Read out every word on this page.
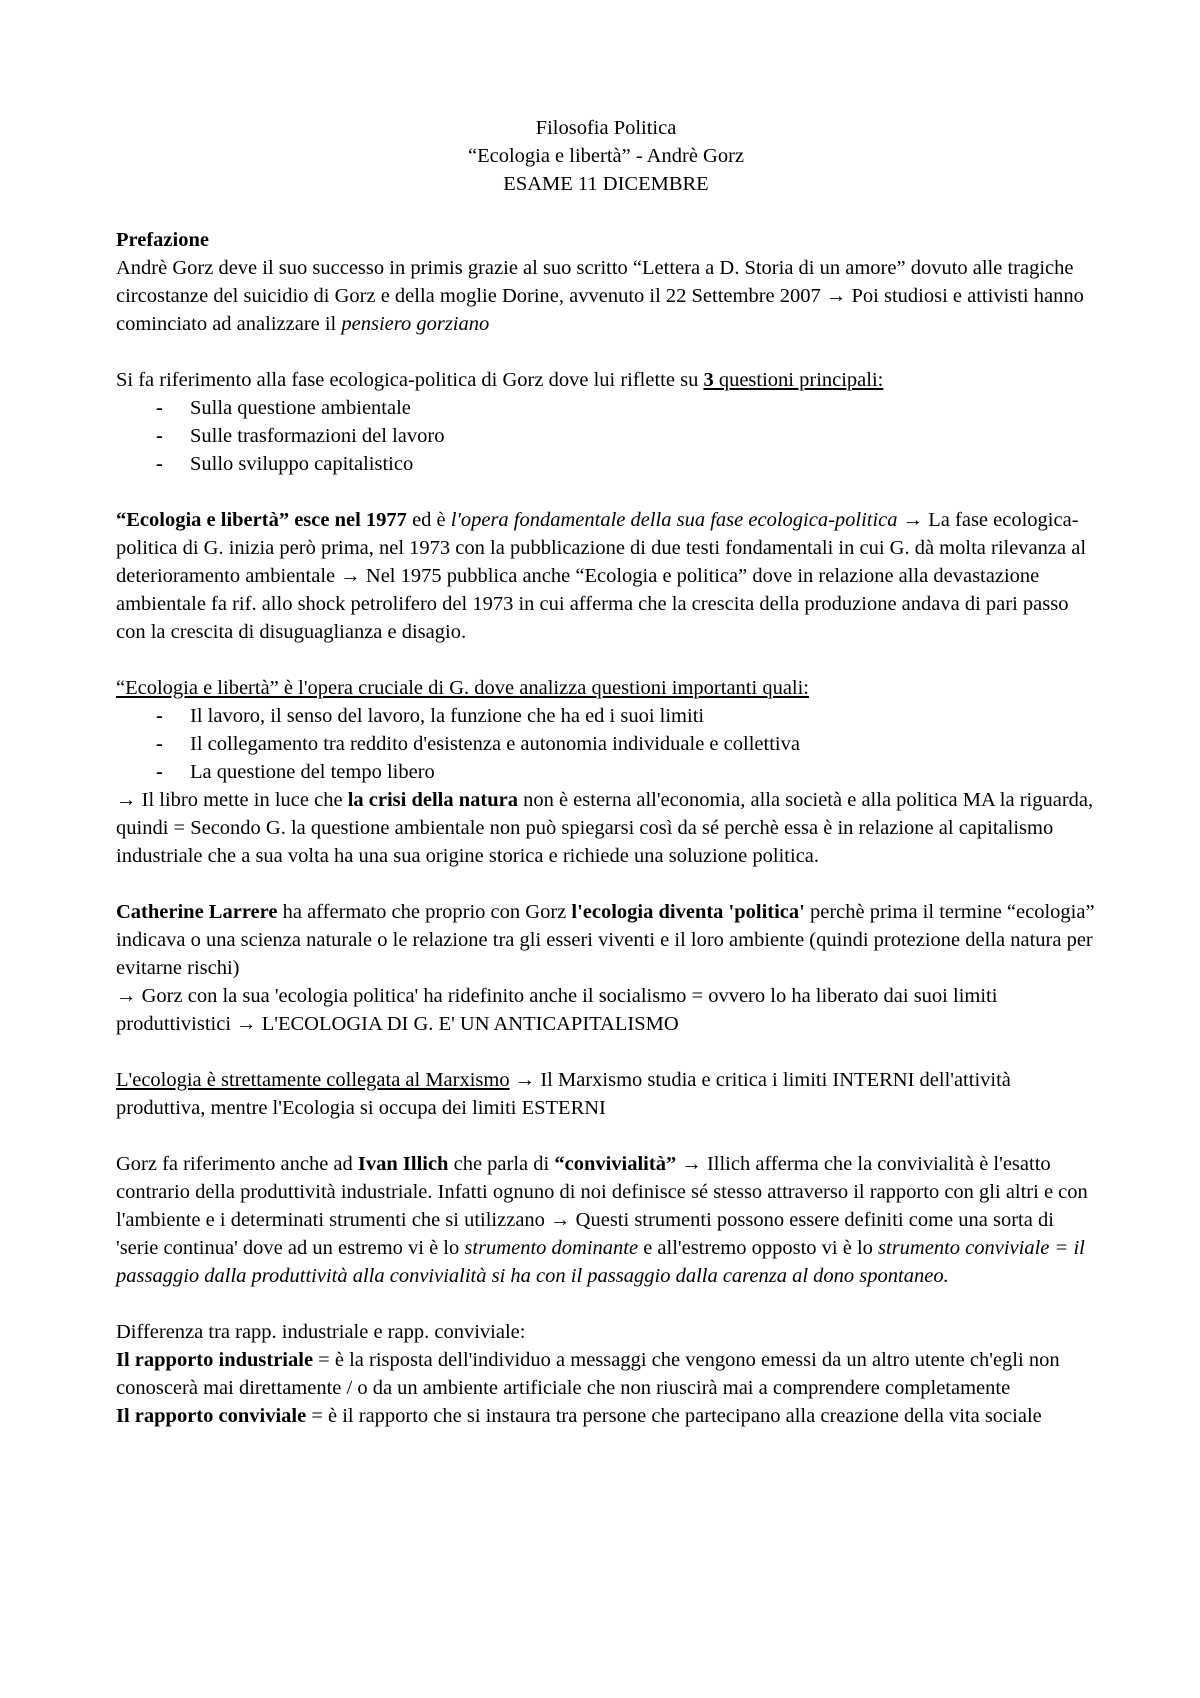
Filosofia Politica
“Ecologia e libertà” - Andrè Gorz
ESAME 11 DICEMBRE

Prefazione

Andrè Gorz deve il suo successo in primis grazie al suo scritto “Lettera a D. Storia di un amore” dovuto alle tragiche circostanze del suicidio di Gorz e della moglie Dorine, avvenuto il 22 Settembre 2007 → Poi studiosi e attivisti hanno cominciato ad analizzare il pensiero gorziano

Si fa riferimento alla fase ecologica-politica di Gorz dove lui riflette su 3 questioni principali:

- Sulla questione ambientale
- Sulle trasformazioni del lavoro
- Sullo sviluppo capitalistico

“Ecologia e libertà” esce nel 1977 ed è l'opera fondamentale della sua fase ecologica-politica → La fase ecologica-politica di G. inizia però prima, nel 1973 con la pubblicazione di due testi fondamentali in cui G. dà molta rilevanza al deterioramento ambientale → Nel 1975 pubblica anche “Ecologia e politica” dove in relazione alla devastazione ambientale fa rif. allo shock petrolifero del 1973 in cui afferma che la crescita della produzione andava di pari passo con la crescita di disuguaglianza e disagio.

“Ecologia e libertà” è l'opera cruciale di G. dove analizza questioni importanti quali:

- Il lavoro, il senso del lavoro, la funzione che ha ed i suoi limiti
- Il collegamento tra reddito d'esistenza e autonomia individuale e collettiva
- La questione del tempo libero

→ Il libro mette in luce che la crisi della natura non è esterna all'economia, alla società e alla politica MA la riguarda, quindi = Secondo G. la questione ambientale non può spiegarsi così da sé perchè essa è in relazione al capitalismo industriale che a sua volta ha una sua origine storica e richiede una soluzione politica.

Catherine Larrere ha affermato che proprio con Gorz l'ecologia diventa 'politica' perchè prima il termine “ecologia” indicava o una scienza naturale o le relazione tra gli esseri viventi e il loro ambiente (quindi protezione della natura per evitarne rischi)

→ Gorz con la sua 'ecologia politica' ha ridefinito anche il socialismo = ovvero lo ha liberato dai suoi limiti produttivistici → L'ECOLOGIA DI G. E' UN ANTICAPITALISMO

L'ecologia è strettamente collegata al Marxismo → Il Marxismo studia e critica i limiti INTERNI dell'attività produttiva, mentre l'Ecologia si occupa dei limiti ESTERNI

Gorz fa riferimento anche ad Ivan Illich che parla di “convivialità” → Illich afferma che la convivialità è l'esatto contrario della produttività industriale. Infatti ognuno di noi definisce sé stesso attraverso il rapporto con gli altri e con l'ambiente e i determinati strumenti che si utilizzano → Questi strumenti possono essere definiti come una sorta di 'serie continua' dove ad un estremo vi è lo strumento dominante e all'estremo opposto vi è lo strumento conviviale = il passaggio dalla produttività alla convivialità si ha con il passaggio dalla carenza al dono spontaneo.

Differenza tra rapp. industriale e rapp. conviviale:

Il rapporto industriale = è la risposta dell'individuo a messaggi che vengono emessi da un altro utente ch'egli non conoscerà mai direttamente / o da un ambiente artificiale che non riuscirà mai a comprendere completamente

Il rapporto conviviale = è il rapporto che si instaura tra persone che partecipano alla creazione della vita sociale
